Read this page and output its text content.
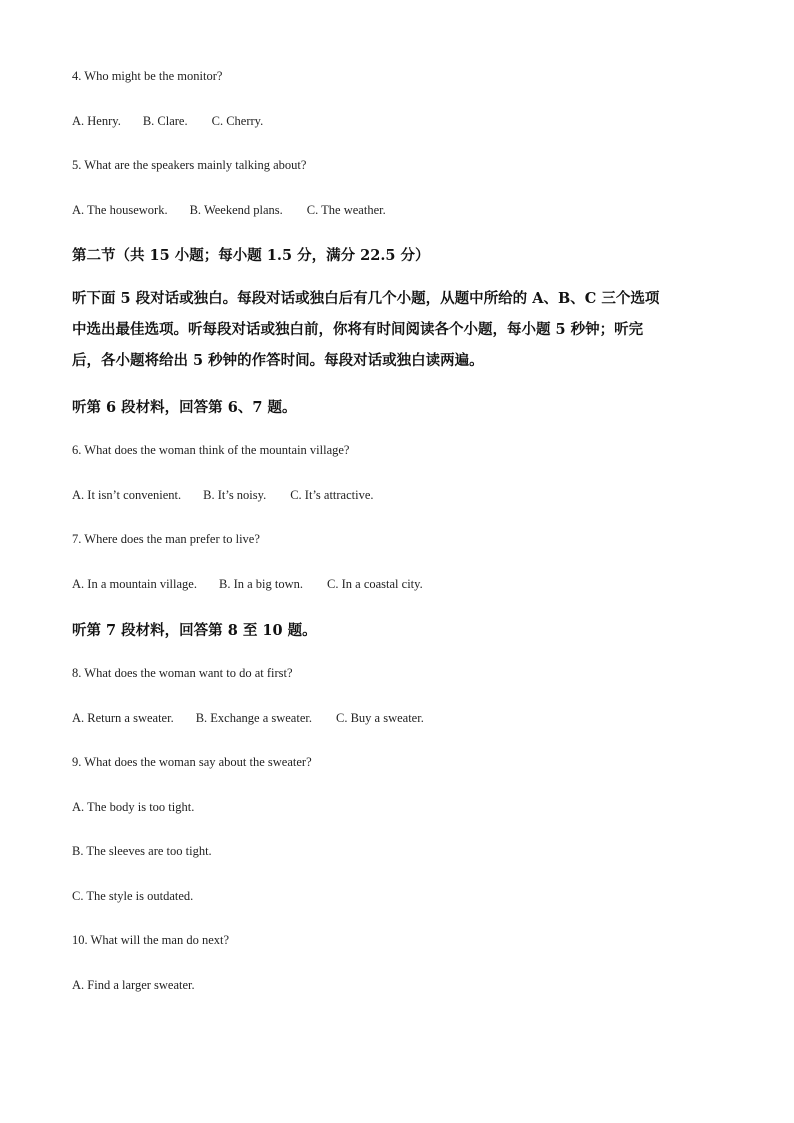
4. Who might be the monitor?
A. Henry. B. Clare. C. Cherry.
5. What are the speakers mainly talking about?
A. The housework. B. Weekend plans. C. The weather.
第二节（共 15 小题；每小题 1.5 分，满分 22.5 分）
听下面 5 段对话或独白。每段对话或独白后有几个小题，从题中所给的 A、B、C 三个选项
中选出最佳选项。听每段对话或独白前，你将有时间阅读各个小题，每小题 5 秒钟；听完
后，各小题将给出 5 秒钟的作答时间。每段对话或独白读两遍。
听第 6 段材料，回答第 6、7 题。
6. What does the woman think of the mountain village?
A. It isn’t convenient. B. It’s noisy. C. It’s attractive.
7. Where does the man prefer to live?
A. In a mountain village. B. In a big town. C. In a coastal city.
听第 7 段材料，回答第 8 至 10 题。
8. What does the woman want to do at first?
A. Return a sweater. B. Exchange a sweater. C. Buy a sweater.
9. What does the woman say about the sweater?
A. The body is too tight.
B. The sleeves are too tight.
C. The style is outdated.
10. What will the man do next?
A. Find a larger sweater.
